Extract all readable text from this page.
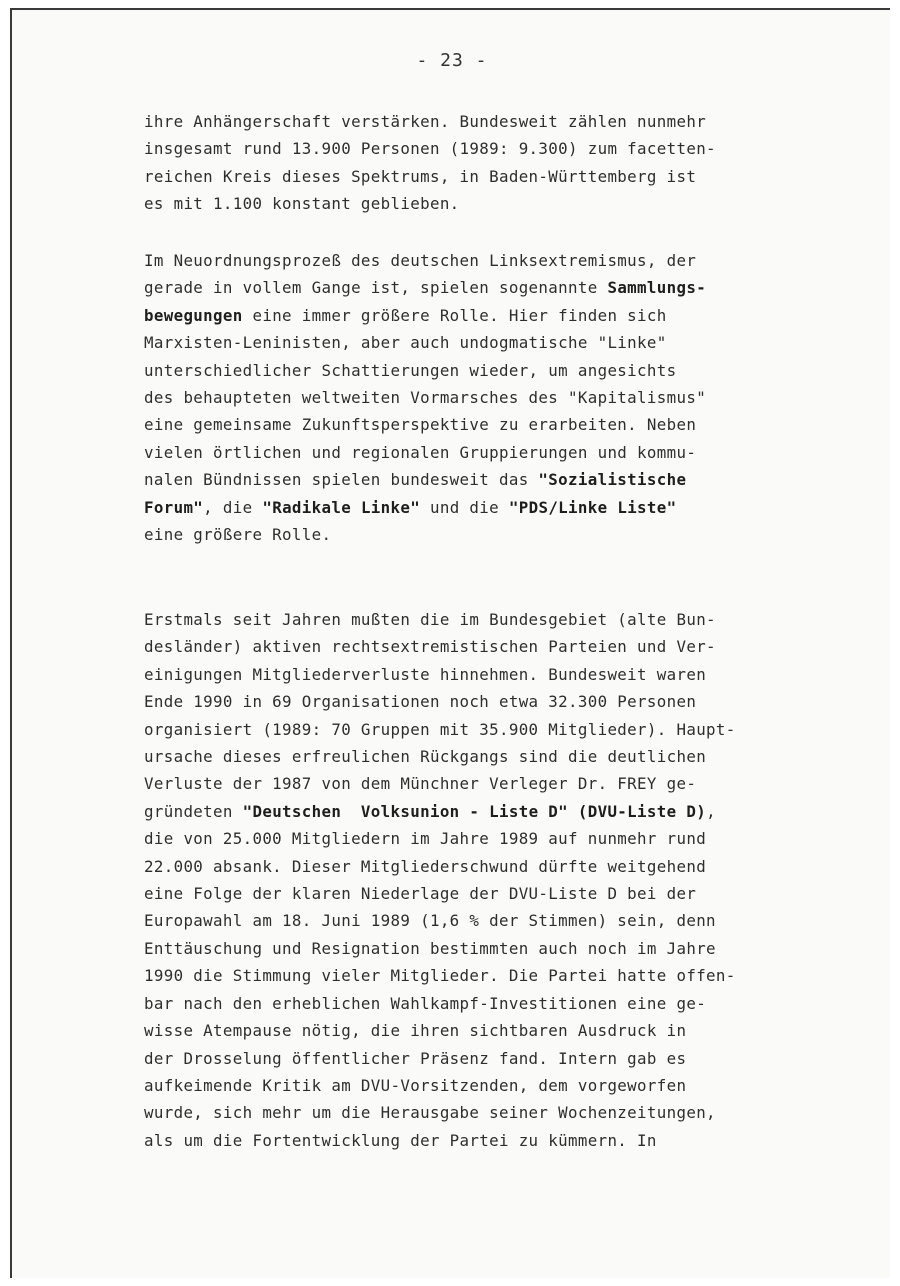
- 23 -

ihre Anhängerschaft verstärken. Bundesweit zählen nunmehr
insgesamt rund 13.900 Personen (1989: 9.300) zum facetten-
reichen Kreis dieses Spektrums, in Baden-Württemberg ist
es mit 1.100 konstant geblieben.

Im Neuordnungsprozeß des deutschen Linksextremismus, der
gerade in vollem Gange ist, spielen sogenannte Sammlungs-
bewegungen eine immer größere Rolle. Hier finden sich
Marxisten-Leninisten, aber auch undogmatische "Linke"
unterschiedlicher Schattierungen wieder, um angesichts
des behaupteten weltweiten Vormarsches des "Kapitalismus"
eine gemeinsame Zukunftsperspektive zu erarbeiten. Neben
vielen örtlichen und regionalen Gruppierungen und kommu-
nalen Bündnissen spielen bundesweit das "Sozialistische
Forum", die "Radikale Linke" und die "PDS/Linke Liste"
eine größere Rolle.

Erstmals seit Jahren mußten die im Bundesgebiet (alte Bun-
desländer) aktiven rechtsextremistischen Parteien und Ver-
einigungen Mitgliederverluste hinnehmen. Bundesweit waren
Ende 1990 in 69 Organisationen noch etwa 32.300 Personen
organisiert (1989: 70 Gruppen mit 35.900 Mitglieder). Haupt-
ursache dieses erfreulichen Rückgangs sind die deutlichen
Verluste der 1987 von dem Münchner Verleger Dr. FREY ge-
gründeten "Deutschen  Volksunion - Liste D" (DVU-Liste D),
die von 25.000 Mitgliedern im Jahre 1989 auf nunmehr rund
22.000 absank. Dieser Mitgliederschwund dürfte weitgehend
eine Folge der klaren Niederlage der DVU-Liste D bei der
Europawahl am 18. Juni 1989 (1,6 % der Stimmen) sein, denn
Enttäuschung und Resignation bestimmten auch noch im Jahre
1990 die Stimmung vieler Mitglieder. Die Partei hatte offen-
bar nach den erheblichen Wahlkampf-Investitionen eine ge-
wisse Atempause nötig, die ihren sichtbaren Ausdruck in
der Drosselung öffentlicher Präsenz fand. Intern gab es
aufkeimende Kritik am DVU-Vorsitzenden, dem vorgeworfen
wurde, sich mehr um die Herausgabe seiner Wochenzeitungen,
als um die Fortentwicklung der Partei zu kümmern. In
